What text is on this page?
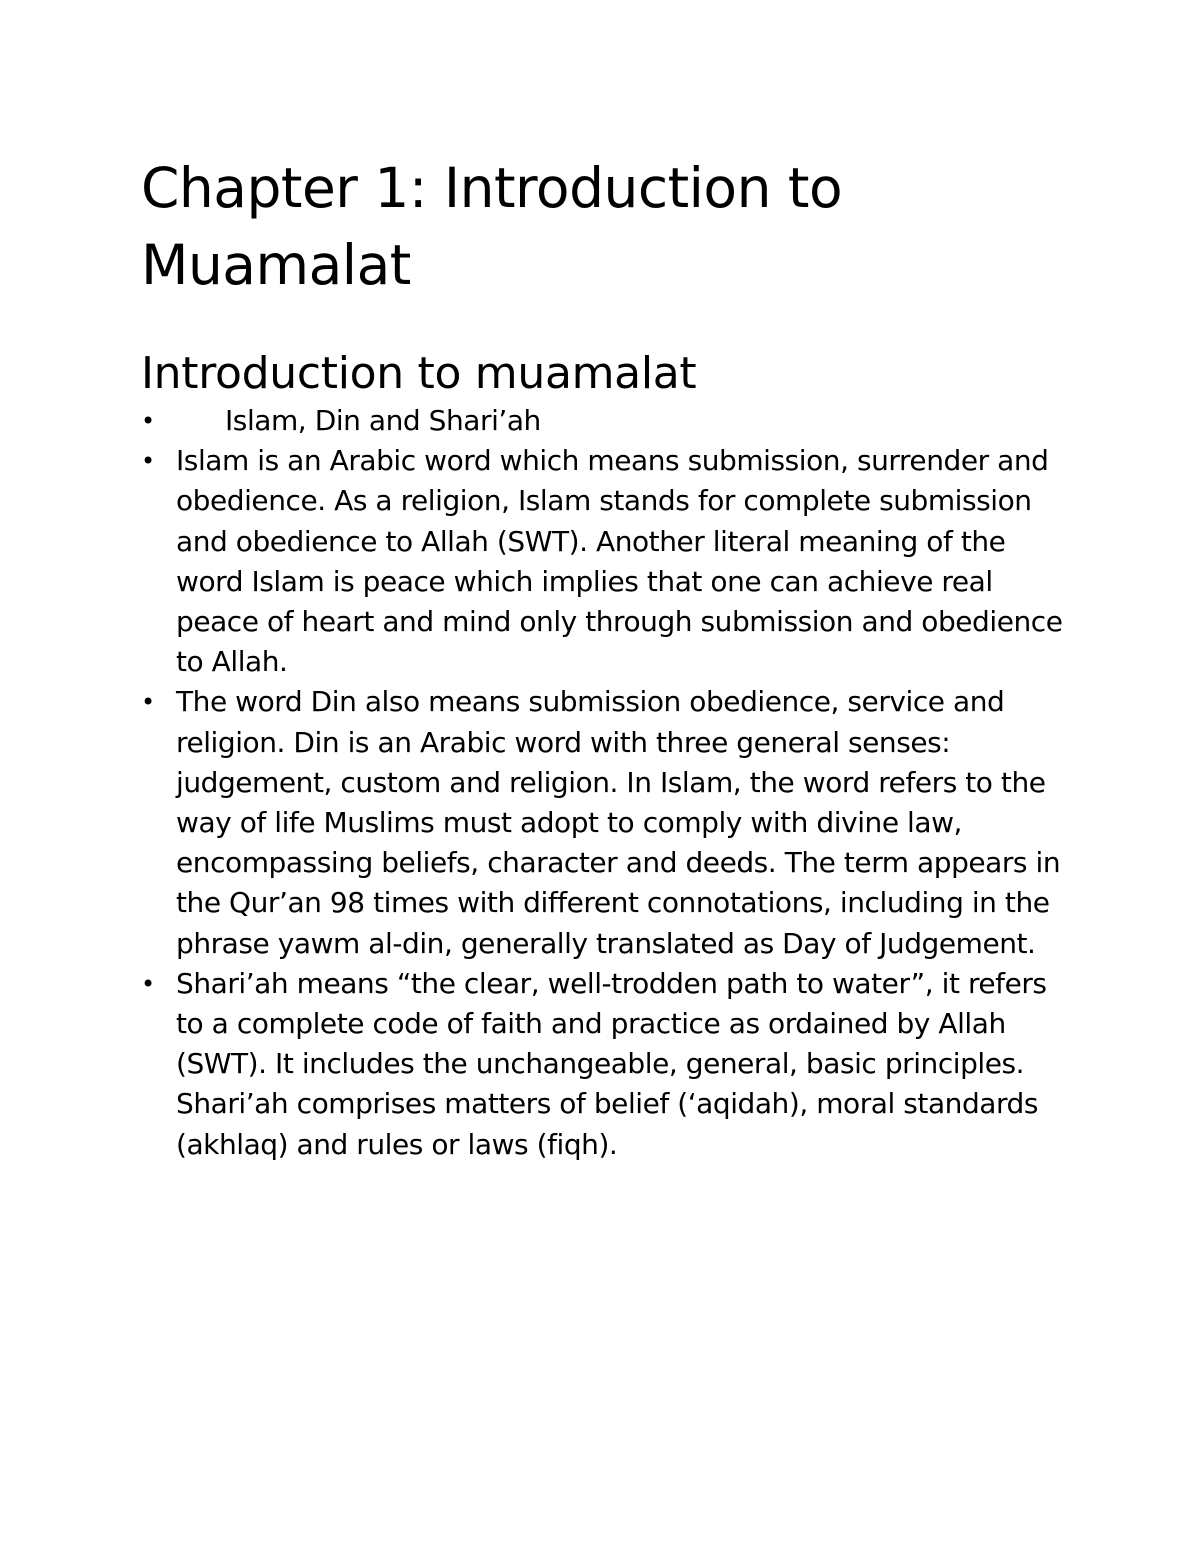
Chapter 1: Introduction to Muamalat
Introduction to muamalat
•	Islam, Din and Shari’ah
• Islam is an Arabic word which means submission, surrender and obedience. As a religion, Islam stands for complete submission and obedience to Allah (SWT). Another literal meaning of the word Islam is peace which implies that one can achieve real peace of heart and mind only through submission and obedience to Allah.
• The word Din also means submission obedience, service and religion. Din is an Arabic word with three general senses: judgement, custom and religion. In Islam, the word refers to the way of life Muslims must adopt to comply with divine law, encompassing beliefs, character and deeds. The term appears in the Qur’an 98 times with different connotations, including in the phrase yawm al-din, generally translated as Day of Judgement.
• Shari’ah means “the clear, well-trodden path to water”, it refers to a complete code of faith and practice as ordained by Allah (SWT). It includes the unchangeable, general, basic principles. Shari’ah comprises matters of belief (‘aqidah), moral standards (akhlaq) and rules or laws (fiqh).
